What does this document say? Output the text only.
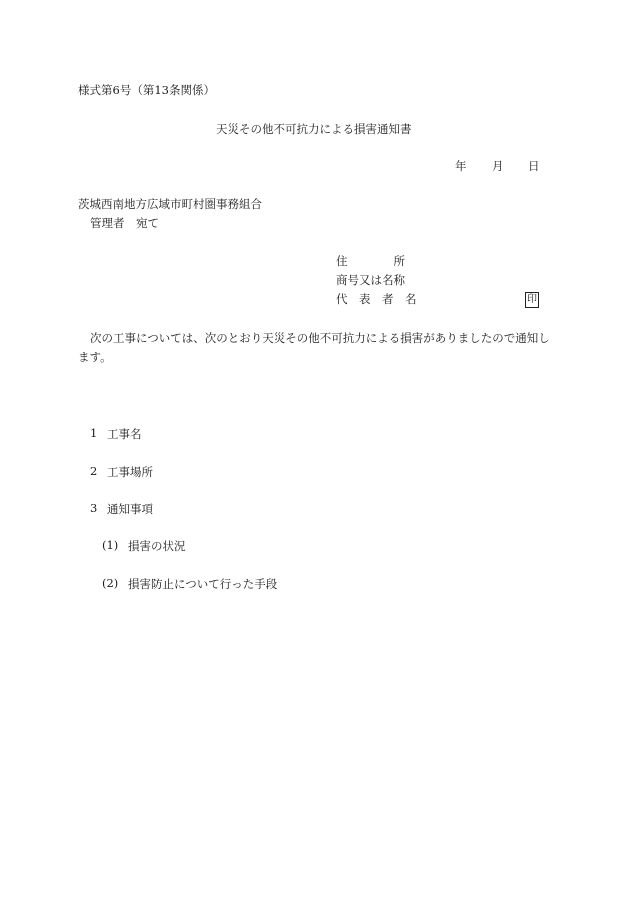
様式第6号（第13条関係）
天災その他不可抗力による損害通知書
年 月 日
茨城西南地方広域市町村圏事務組合
管理者　宛て
住　　　　所
商号又は名称
代　表　者　名	印
次の工事については、次のとおり天災その他不可抗力による損害がありましたので通知します。
1 工事名
2 工事場所
3 通知事項
(1) 損害の状況
(2) 損害防止について行った手段
